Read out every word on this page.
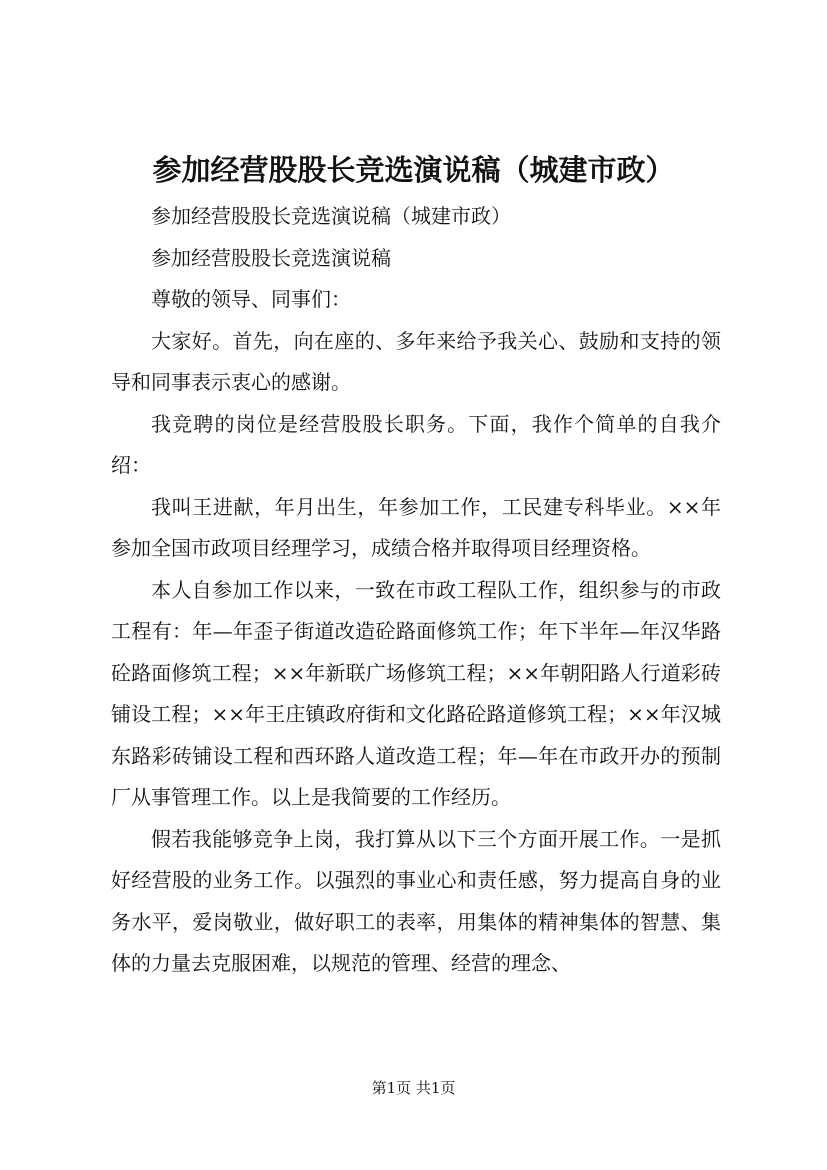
参加经营股股长竞选演说稿（城建市政）

参加经营股股长竞选演说稿（城建市政）

参加经营股股长竞选演说稿

尊敬的领导、同事们：

大家好。首先，向在座的、多年来给予我关心、鼓励和支持的领导和同事表示衷心的感谢。

我竞聘的岗位是经营股股长职务。下面，我作个简单的自我介绍：

我叫王进献，年月出生，年参加工作，工民建专科毕业。××年参加全国市政项目经理学习，成绩合格并取得项目经理资格。

本人自参加工作以来，一致在市政工程队工作，组织参与的市政工程有：年—年歪子街道改造砼路面修筑工作；年下半年—年汉华路砼路面修筑工程；××年新联广场修筑工程；××年朝阳路人行道彩砖铺设工程；××年王庄镇政府街和文化路砼路道修筑工程；××年汉城东路彩砖铺设工程和西环路人道改造工程；年—年在市政开办的预制厂从事管理工作。以上是我简要的工作经历。

假若我能够竞争上岗，我打算从以下三个方面开展工作。一是抓好经营股的业务工作。以强烈的事业心和责任感，努力提高自身的业务水平，爱岗敬业，做好职工的表率，用集体的精神集体的智慧、集体的力量去克服困难，以规范的管理、经营的理念、

第1页 共1页
